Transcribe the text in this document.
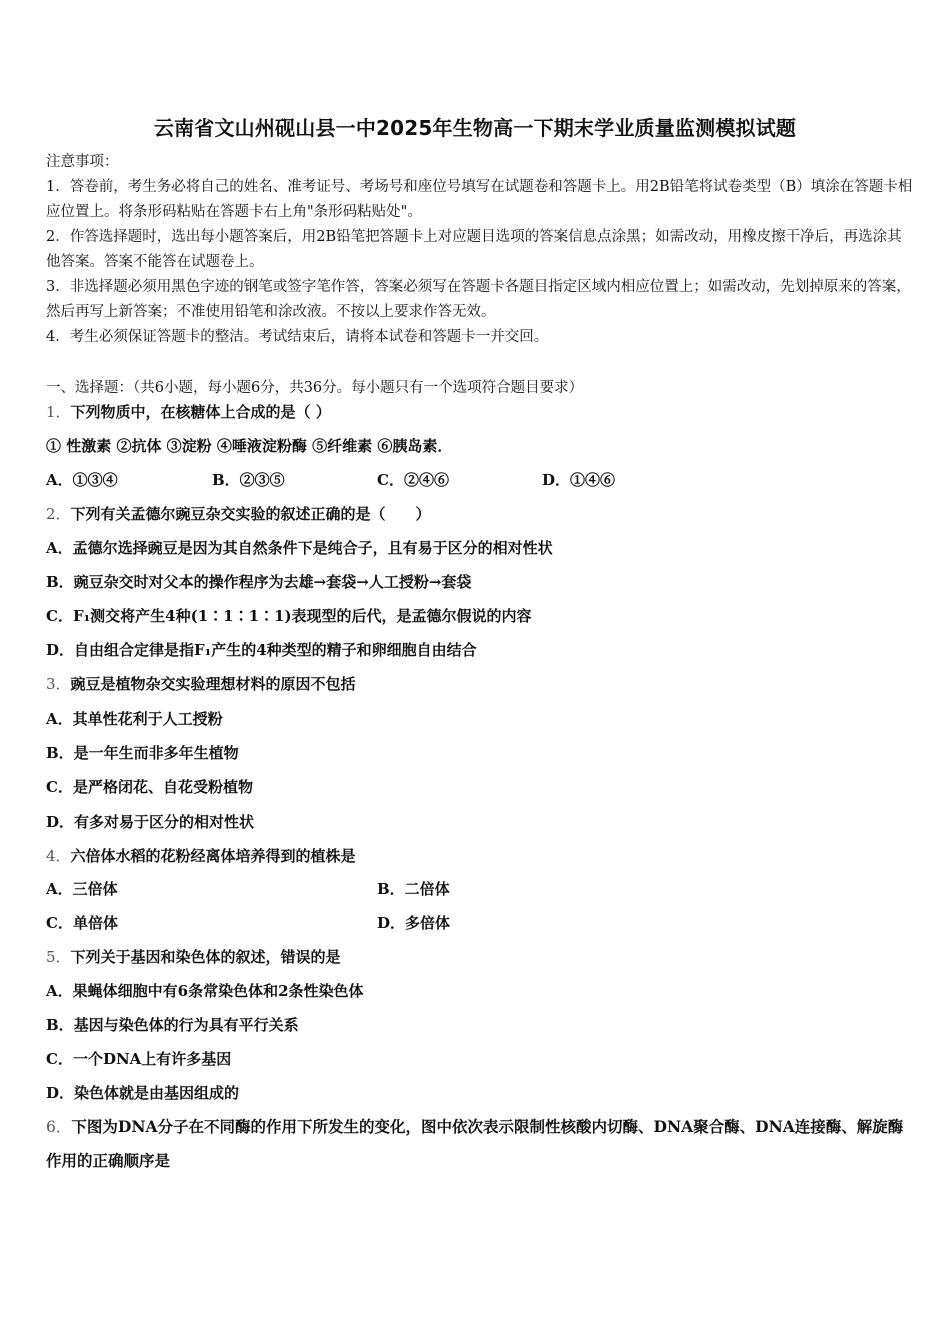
云南省文山州砚山县一中2025年生物高一下期末学业质量监测模拟试题
注意事项：
1．答卷前，考生务必将自己的姓名、准考证号、考场号和座位号填写在试题卷和答题卡上。用2B铅笔将试卷类型（B）填涂在答题卡相应位置上。将条形码粘贴在答题卡右上角"条形码粘贴处"。
2．作答选择题时，选出每小题答案后，用2B铅笔把答题卡上对应题目选项的答案信息点涂黑；如需改动，用橡皮擦干净后，再选涂其他答案。答案不能答在试题卷上。
3．非选择题必须用黑色字迹的钢笔或签字笔作答，答案必须写在答题卡各题目指定区域内相应位置上；如需改动，先划掉原来的答案，然后再写上新答案；不准使用铅笔和涂改液。不按以上要求作答无效。
4．考生必须保证答题卡的整洁。考试结束后，请将本试卷和答题卡一并交回。
一、选择题：（共6小题，每小题6分，共36分。每小题只有一个选项符合题目要求）
1．下列物质中，在核糖体上合成的是（ ）
① 性激素 ②抗体 ③淀粉 ④唾液淀粉酶 ⑤纤维素 ⑥胰岛素．
A．①③④	B．②③⑤	C．②④⑥	D．①④⑥
2．下列有关孟德尔豌豆杂交实验的叙述正确的是（　　）
A．孟德尔选择豌豆是因为其自然条件下是纯合子，且有易于区分的相对性状
B．豌豆杂交时对父本的操作程序为去雄→套袋→人工授粉→套袋
C．F₁测交将产生4种(1∶1∶1∶1)表现型的后代，是孟德尔假说的内容
D．自由组合定律是指F₁产生的4种类型的精子和卵细胞自由结合
3．豌豆是植物杂交实验理想材料的原因不包括
A．其单性花利于人工授粉
B．是一年生而非多年生植物
C．是严格闭花、自花受粉植物
D．有多对易于区分的相对性状
4．六倍体水稻的花粉经离体培养得到的植株是
A．三倍体	B．二倍体
C．单倍体	D．多倍体
5．下列关于基因和染色体的叙述，错误的是
A．果蝇体细胞中有6条常染色体和2条性染色体
B．基因与染色体的行为具有平行关系
C．一个DNA上有许多基因
D．染色体就是由基因组成的
6．下图为DNA分子在不同酶的作用下所发生的变化，图中依次表示限制性核酸内切酶、DNA聚合酶、DNA连接酶、解旋酶作用的正确顺序是
